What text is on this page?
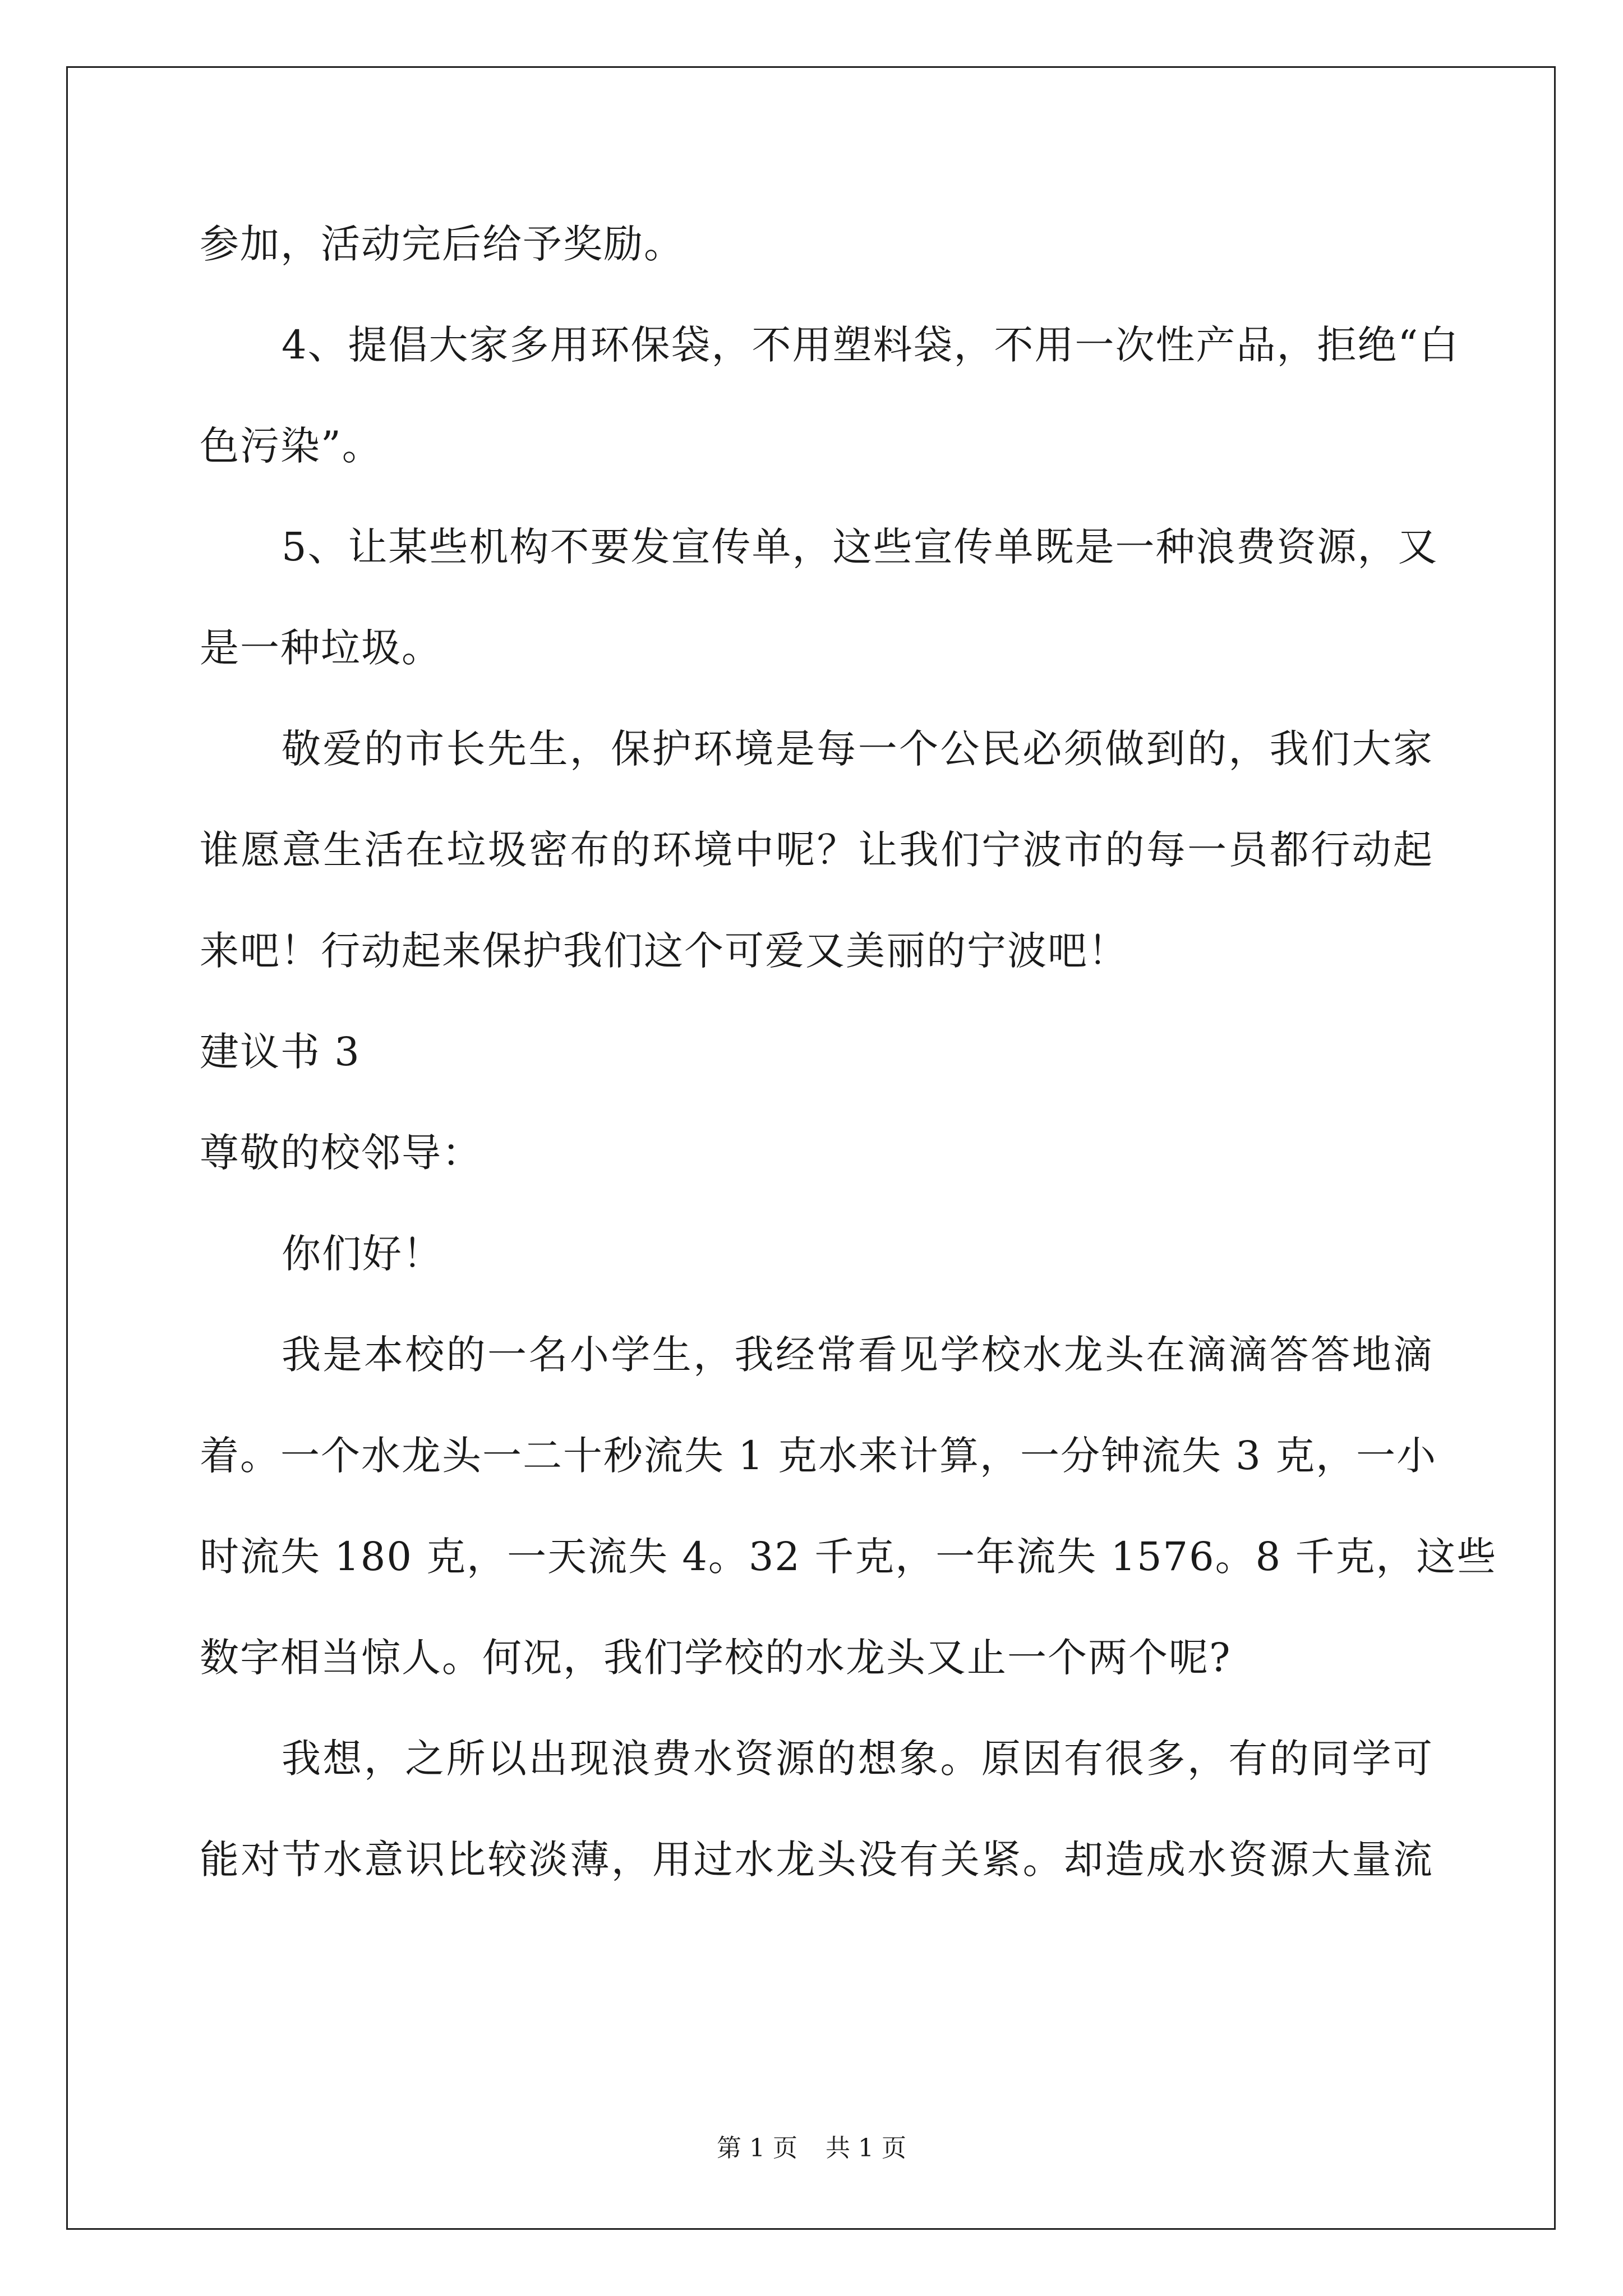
参加，活动完后给予奖励。
4、提倡大家多用环保袋，不用塑料袋，不用一次性产品，拒绝“白
色污染”。
5、让某些机构不要发宣传单，这些宣传单既是一种浪费资源，又
是一种垃圾。
敬爱的市长先生，保护环境是每一个公民必须做到的，我们大家
谁愿意生活在垃圾密布的环境中呢？让我们宁波市的每一员都行动起
来吧！行动起来保护我们这个可爱又美丽的宁波吧！
建议书 3
尊敬的校邻导：
你们好！
我是本校的一名小学生，我经常看见学校水龙头在滴滴答答地滴
着。一个水龙头一二十秒流失 1 克水来计算，一分钟流失 3 克，一小
时流失 180 克，一天流失 4。32 千克，一年流失 1576。8 千克，这些
数字相当惊人。何况，我们学校的水龙头又止一个两个呢?
我想，之所以出现浪费水资源的想象。原因有很多，有的同学可
能对节水意识比较淡薄，用过水龙头没有关紧。却造成水资源大量流
第 1 页 共 1 页
